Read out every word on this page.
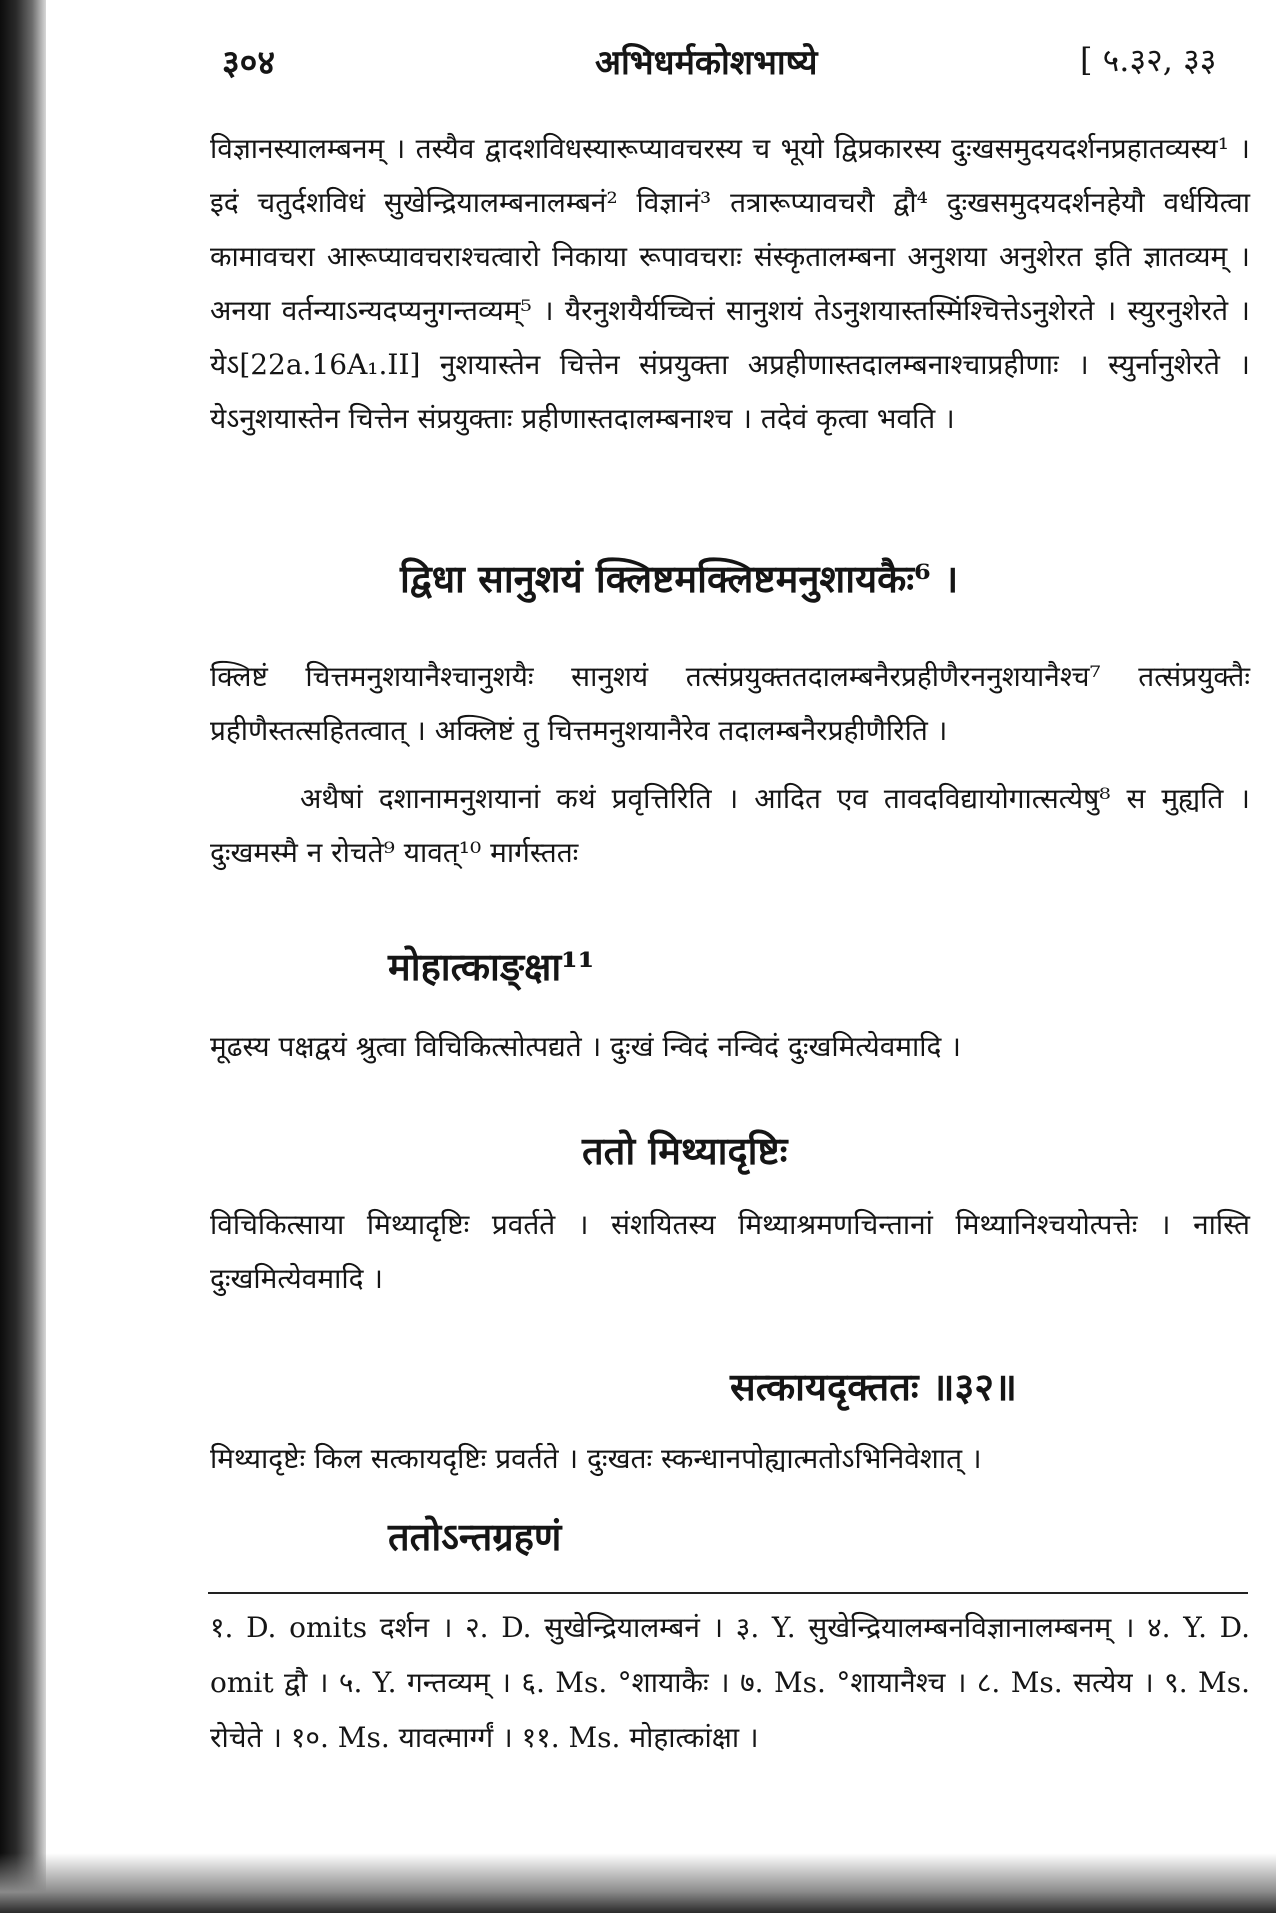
३०४	अभिधर्मकोशभाष्ये	[ ५.३२, ३३
विज्ञानस्यालम्बनम् । तस्यैव द्वादशविधस्यारूप्यावचरस्य च भूयो द्विप्रकारस्य दुःखसमुदयदर्शनप्रहातव्यस्य¹ । इदं चतुर्दशविधं सुखेन्द्रियालम्बनालम्बनं² विज्ञानं³ तत्रारूप्यावचरौ द्वौ⁴ दुःखसमुदयदर्शनहेयौ वर्धयित्वा कामावचरा आरूप्यावचराश्चत्वारो निकाया रूपावचराः संस्कृतालम्बना अनुशया अनुशेरत इति ज्ञातव्यम् । अनया वर्तन्याऽन्यदप्यनुगन्तव्यम्⁵ । यैरनुशयैर्यच्चित्तं सानुशयं तेऽनुशयास्तस्मिंश्चित्तेऽनुशेरते । स्युरनुशेरते । येऽ[22a.16A₁.II] नुशयास्तेन चित्तेन संप्रयुक्ता अप्रहीणास्तदालम्बनाश्चाप्रहीणाः । स्युर्नानुशेरते । येऽनुशयास्तेन चित्तेन संप्रयुक्ताः प्रहीणास्तदालम्बनाश्च । तदेवं कृत्वा भवति ।
द्विधा सानुशयं क्लिष्टमक्लिष्टमनुशायकैः⁶ ।
क्लिष्टं चित्तमनुशयानैश्चानुशयैः सानुशयं तत्संप्रयुक्ततदालम्बनैरप्रहीणैरननुशयानैश्च⁷ तत्संप्रयुक्तैः प्रहीणैस्तत्सहितत्वात् । अक्लिष्टं तु चित्तमनुशयानैरेव तदालम्बनैरप्रहीणैरिति ।
अथैषां दशानामनुशयानां कथं प्रवृत्तिरिति । आदित एव तावदविद्यायोगात्सत्येषु⁸ स मुह्यति । दुःखमस्मै न रोचते⁹ यावत्¹⁰ मार्गस्ततः
मोहात्काङ्क्षा¹¹
मूढस्य पक्षद्वयं श्रुत्वा विचिकित्सोत्पद्यते । दुःखं न्विदं नन्विदं दुःखमित्येवमादि ।
ततो मिथ्यादृष्टिः
विचिकित्साया मिथ्यादृष्टिः प्रवर्तते । संशयितस्य मिथ्याश्रमणचिन्तानां मिथ्यानिश्चयोत्पत्तेः । नास्ति दुःखमित्येवमादि ।
सत्कायदृक्ततः ॥३२॥
मिथ्यादृष्टेः किल सत्कायदृष्टिः प्रवर्तते । दुःखतः स्कन्धानपोह्यात्मतोऽभिनिवेशात् ।
ततोऽन्तग्रहणं
१. D. omits दर्शन । २. D. सुखेन्द्रियालम्बनं । ३. Y. सुखेन्द्रियालम्बनविज्ञानालम्बनम् । ४. Y. D. omit द्वौ । ५. Y. गन्तव्यम् । ६. Ms. °शायाकैः । ७. Ms. °शायानैश्च । ८. Ms. सत्येय । ९. Ms. रोचेते । १०. Ms. यावत्मार्ग्गं । ११. Ms. मोहात्कांक्षा ।
